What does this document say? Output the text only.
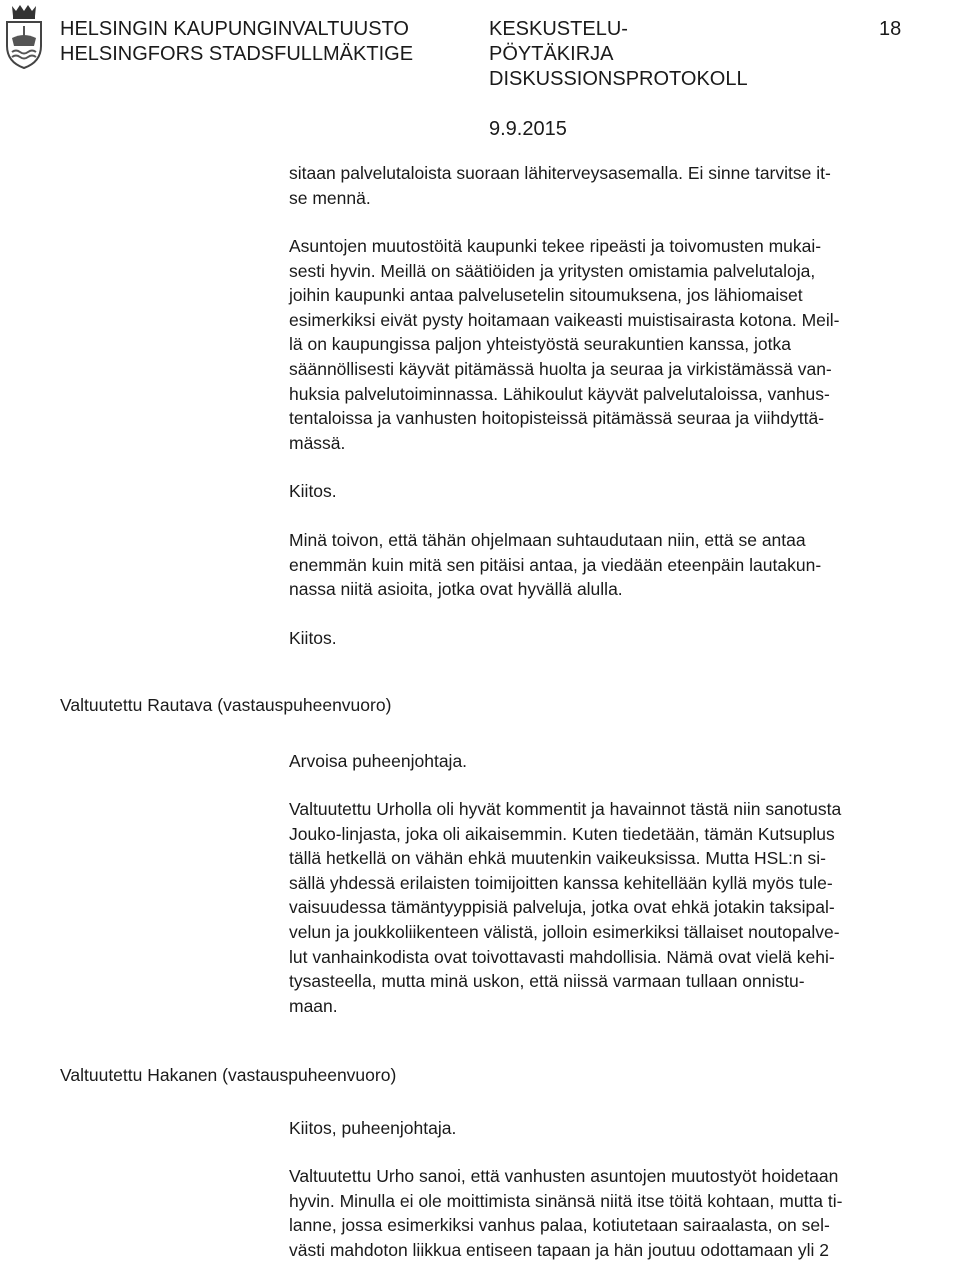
HELSINGIN KAUPUNGINVALTUUSTO
HELSINGFORS STADSFULLMÄKTIGE
KESKUSTELU-
PÖYTÄKIRJA
DISKUSSIONSPROTOKOLL
18
9.9.2015

sitaan palvelutaloista suoraan lähiterveysasemalla. Ei sinne tarvitse it-
se mennä.

Asuntojen muutostöitä kaupunki tekee ripeästi ja toivomusten mukai-
sesti hyvin. Meillä on säätiöiden ja yritysten omistamia palvelutaloja,
joihin kaupunki antaa palvelusetelin sitoumuksena, jos lähiomaiset
esimerkiksi eivät pysty hoitamaan vaikeasti muistisairasta kotona. Meil-
lä on kaupungissa paljon yhteistyöstä seurakuntien kanssa, jotka
säännöllisesti käyvät pitämässä huolta ja seuraa ja virkistämässä van-
huksia palvelutoiminnassa. Lähikoulut käyvät palvelutaloissa, vanhus-
tentaloissa ja vanhusten hoitopisteissä pitämässä seuraa ja viihdyttä-
mässä.

Kiitos.

Minä toivon, että tähän ohjelmaan suhtaudutaan niin, että se antaa
enemmän kuin mitä sen pitäisi antaa, ja viedään eteenpäin lautakun-
nassa niitä asioita, jotka ovat hyvällä alulla.

Kiitos.

Valtuutettu Rautava (vastauspuheenvuoro)

Arvoisa puheenjohtaja.

Valtuutettu Urholla oli hyvät kommentit ja havainnot tästä niin sanotusta
Jouko-linjasta, joka oli aikaisemmin. Kuten tiedetään, tämän Kutsuplus
tällä hetkellä on vähän ehkä muutenkin vaikeuksissa. Mutta HSL:n si-
sällä yhdessä erilaisten toimijoitten kanssa kehitellään kyllä myös tule-
vaisuudessa tämäntyyppisiä palveluja, jotka ovat ehkä jotakin taksipal-
velun ja joukkoliikenteen välistä, jolloin esimerkiksi tällaiset noutopalve-
lut vanhainkodista ovat toivottavasti mahdollisia. Nämä ovat vielä kehi-
tysasteella, mutta minä uskon, että niissä varmaan tullaan onnistu-
maan.

Valtuutettu Hakanen (vastauspuheenvuoro)

Kiitos, puheenjohtaja.

Valtuutettu Urho sanoi, että vanhusten asuntojen muutostyöt hoidetaan
hyvin. Minulla ei ole moittimista sinänsä niitä itse töitä kohtaan, mutta ti-
lanne, jossa esimerkiksi vanhus palaa, kotiutetaan sairaalasta, on sel-
västi mahdoton liikkua entiseen tapaan ja hän joutuu odottamaan yli 2
